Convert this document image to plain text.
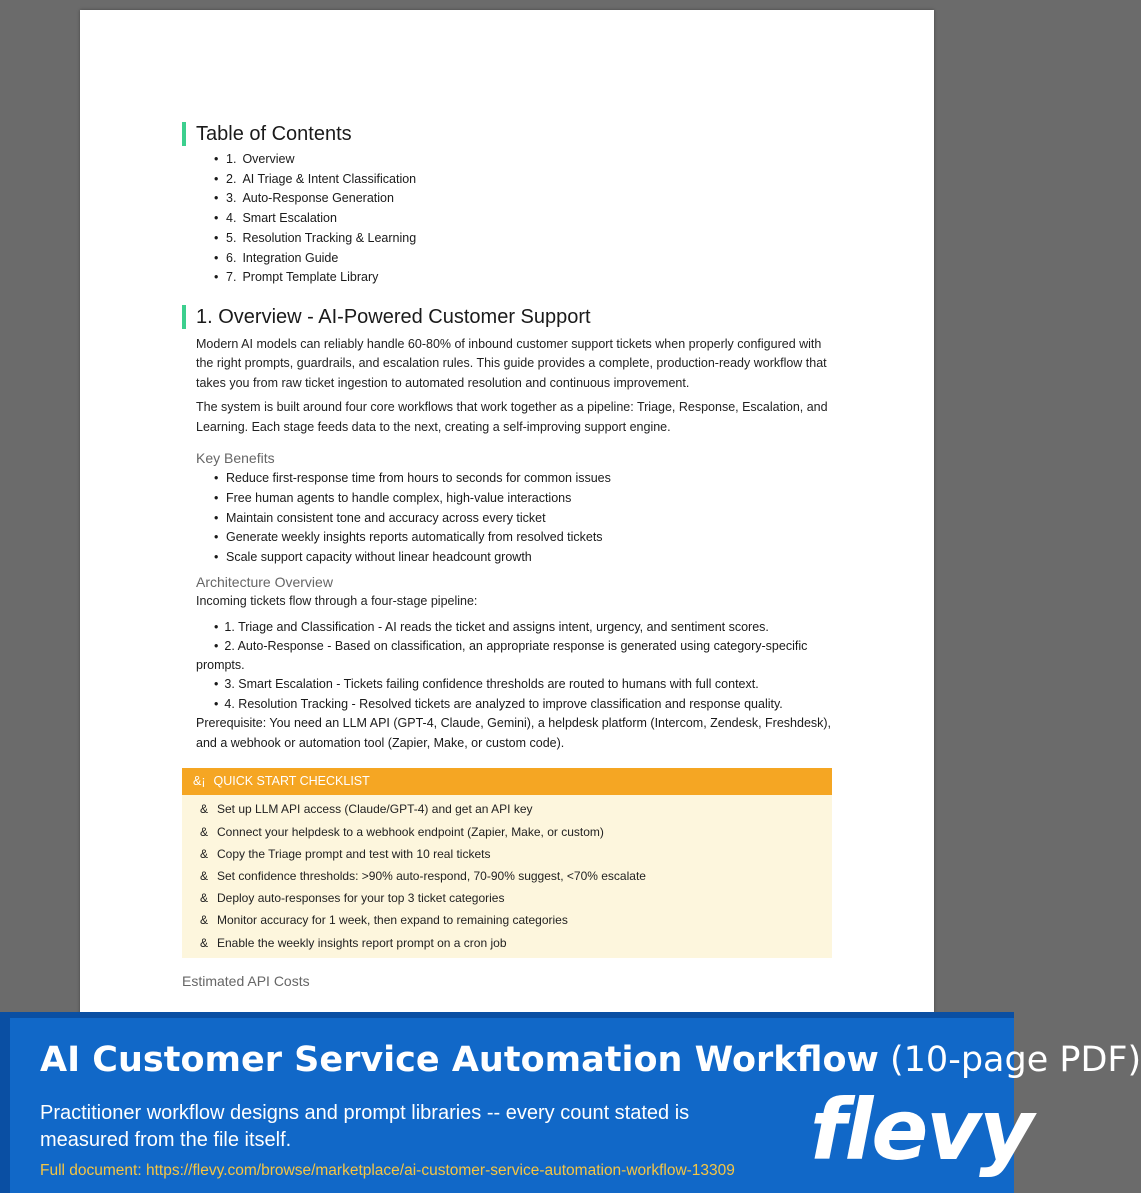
Table of Contents
• 1. Overview
• 2. AI Triage & Intent Classification
• 3. Auto-Response Generation
• 4. Smart Escalation
• 5. Resolution Tracking & Learning
• 6. Integration Guide
• 7. Prompt Template Library
1. Overview - AI-Powered Customer Support

Modern AI models can reliably handle 60-80% of inbound customer support tickets when properly configured with the right prompts, guardrails, and escalation rules. This guide provides a complete, production-ready workflow that takes you from raw ticket ingestion to automated resolution and continuous improvement.

The system is built around four core workflows that work together as a pipeline: Triage, Response, Escalation, and Learning. Each stage feeds data to the next, creating a self-improving support engine.

Key Benefits
• Reduce first-response time from hours to seconds for common issues
• Free human agents to handle complex, high-value interactions
• Maintain consistent tone and accuracy across every ticket
• Generate weekly insights reports automatically from resolved tickets
• Scale support capacity without linear headcount growth
Architecture Overview

Incoming tickets flow through a four-stage pipeline:

• 1. Triage and Classification - AI reads the ticket and assigns intent, urgency, and sentiment scores.
• 2. Auto-Response - Based on classification, an appropriate response is generated using category-specific prompts.
• 3. Smart Escalation - Tickets failing confidence thresholds are routed to humans with full context.
• 4. Resolution Tracking - Resolved tickets are analyzed to improve classification and response quality.

Prerequisite: You need an LLM API (GPT-4, Claude, Gemini), a helpdesk platform (Intercom, Zendesk, Freshdesk), and a webhook or automation tool (Zapier, Make, or custom code).

&¡ QUICK START CHECKLIST
& Set up LLM API access (Claude/GPT-4) and get an API key
& Connect your helpdesk to a webhook endpoint (Zapier, Make, or custom)
& Copy the Triage prompt and test with 10 real tickets
& Set confidence thresholds: >90% auto-respond, 70-90% suggest, <70% escalate
& Deploy auto-responses for your top 3 ticket categories
& Monitor accuracy for 1 week, then expand to remaining categories
& Enable the weekly insights report prompt on a cron job
Estimated API Costs
AI Customer Service Automation Workflow (10-page PDF)
Practitioner workflow designs and prompt libraries -- every count stated is measured from the file itself.
Full document: https://flevy.com/browse/marketplace/ai-customer-service-automation-workflow-13309 flevy
